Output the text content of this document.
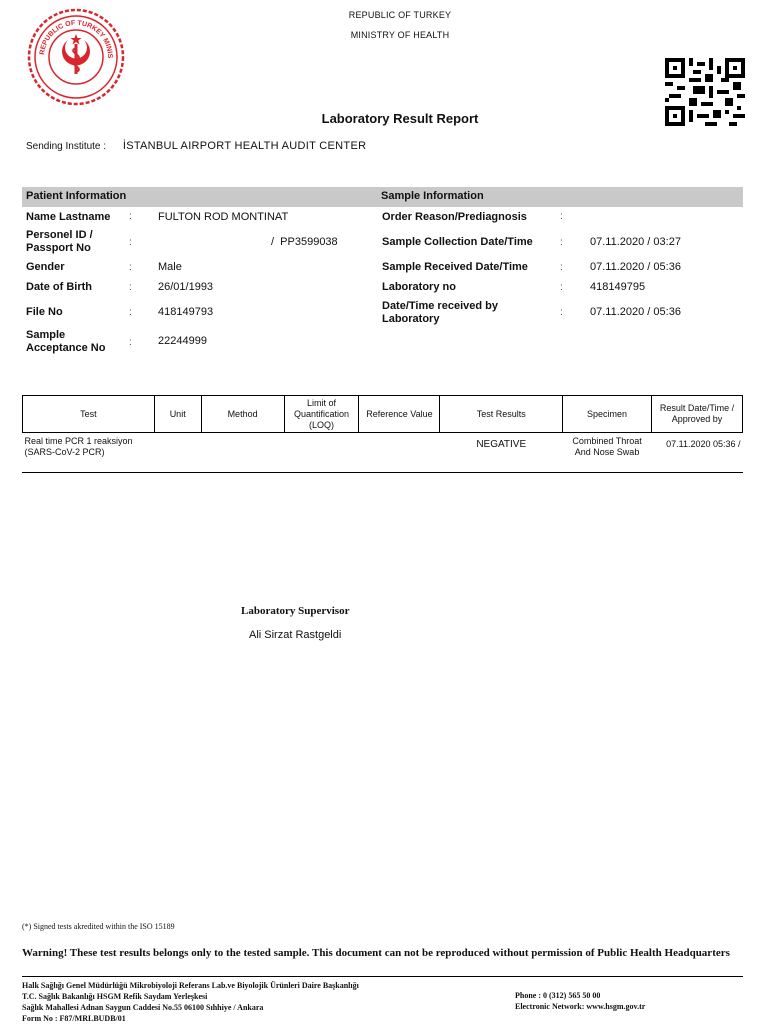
REPUBLIC OF TURKEY MINIS
REPUBLIC OF TURKEY
MINISTRY OF HEALTH
Laboratory Result Report
Sending Institute : İSTANBUL AIRPORT HEALTH AUDIT CENTER
Patient Information	Sample Information
Name Lastname : FULTON ROD MONTINAT
Personel ID / Passport No	:	/  PP3599038
Gender	: Male
Date of Birth	: 26/01/1993
File No	: 418149793
Sample Acceptance No	: 22244999
Order Reason/Prediagnosis	:
Sample Collection Date/Time	: 07.11.2020 / 03:27
Sample Received Date/Time	: 07.11.2020 / 05:36
Laboratory no	: 418149795
Date/Time received by Laboratory
: 07.11.2020 / 05:36
Test	Unit	Method	Limit of Quantification (LOQ)	Reference Value	Test Results	Specimen	Result Date/Time / Approved by
Real time PCR 1 reaksiyon (SARS-CoV-2 PCR)					NEGATIVE	Combined Throat And Nose Swab	07.11.2020 05:36 /
Laboratory Supervisor
Ali Sirzat Rastgeldi
(*) Signed tests akredited within the ISO 15189
Warning! These test results belongs only to the tested sample. This document can not be reproduced without permission of Public Health Headquarters
Halk Sağlığı Genel Müdürlüğü Mikrobiyoloji Referans Lab.ve Biyolojik Ürünleri Daire Başkanlığı
T.C. Sağlık Bakanlığı HSGM Refik Saydam Yerleşkesi
Sağlık Mahallesi Adnan Saygun Caddesi No.55 06100 Sıhhiye / Ankara
Form No : F87/MRLBUDB/01
Phone : 0 (312) 565 50 00
Electronic Network: www.hsgm.gov.tr
